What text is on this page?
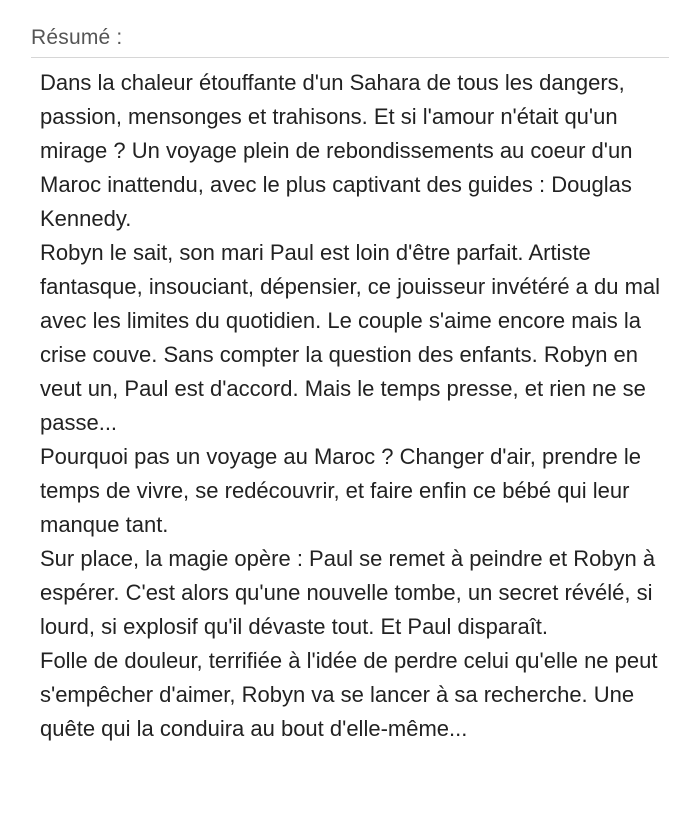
Résumé :

Dans la chaleur étouffante d'un Sahara de tous les dangers, passion, mensonges et trahisons. Et si l'amour n'était qu'un mirage ? Un voyage plein de rebondissements au coeur d'un Maroc inattendu, avec le plus captivant des guides : Douglas Kennedy.

Robyn le sait, son mari Paul est loin d'être parfait. Artiste fantasque, insouciant, dépensier, ce jouisseur invétéré a du mal avec les limites du quotidien. Le couple s'aime encore mais la crise couve. Sans compter la question des enfants. Robyn en veut un, Paul est d'accord. Mais le temps presse, et rien ne se passe...

Pourquoi pas un voyage au Maroc ? Changer d'air, prendre le temps de vivre, se redécouvrir, et faire enfin ce bébé qui leur manque tant.

Sur place, la magie opère : Paul se remet à peindre et Robyn à espérer. C'est alors qu'une nouvelle tombe, un secret révélé, si lourd, si explosif qu'il dévaste tout. Et Paul disparaît.

Folle de douleur, terrifiée à l'idée de perdre celui qu'elle ne peut s'empêcher d'aimer, Robyn va se lancer à sa recherche. Une quête qui la conduira au bout d'elle-même...
